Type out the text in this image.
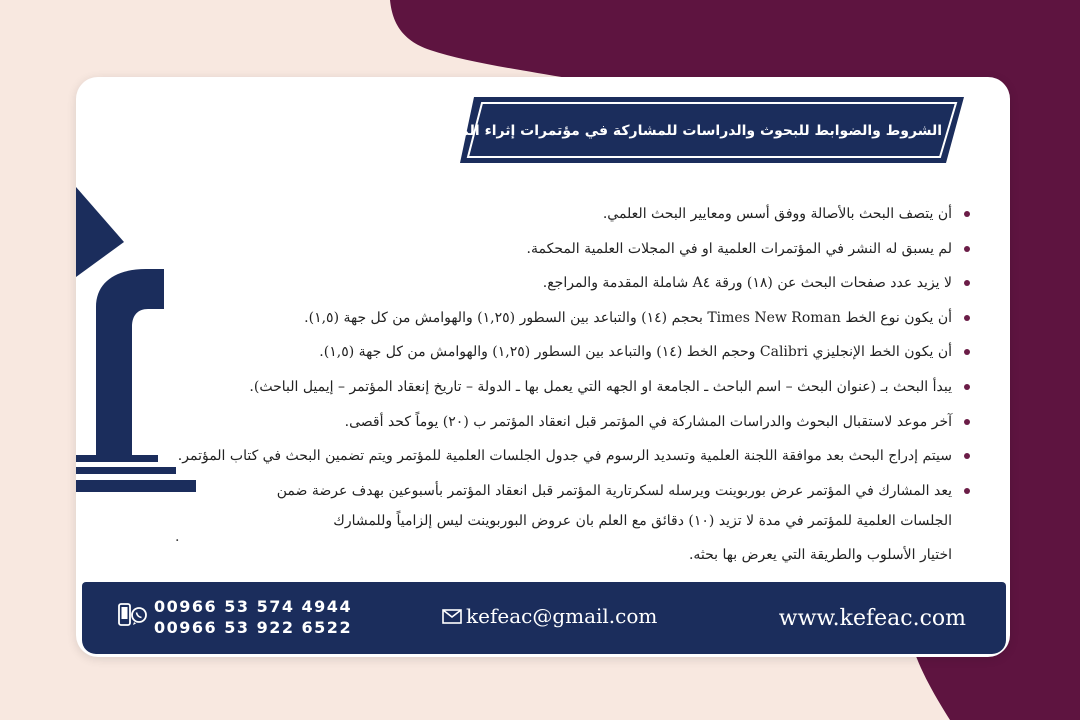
الشروط والضوابط للبحوث والدراسات للمشاركة في مؤتمرات إثراء المعرفة العلمية
أن يتصف البحث بالأصالة ووفق أسس ومعايير البحث العلمي.
لم يسبق له النشر في المؤتمرات العلمية او في المجلات العلمية المحكمة.
لا يزيد عدد صفحات البحث عن (١٨) ورقة A٤ شاملة المقدمة والمراجع.
أن يكون نوع الخط Times New Roman بحجم (١٤) والتباعد بين السطور (١,٢٥) والهوامش من كل جهة (١,٥).
أن يكون الخط الإنجليزي Calibri وحجم الخط (١٤) والتباعد بين السطور (١,٢٥) والهوامش من كل جهة (١,٥).
يبدأ البحث بـ (عنوان البحث – اسم الباحث ـ الجامعة او الجهه التي يعمل بها ـ الدولة – تاريخ إنعقاد المؤتمر – إيميل الباحث).
آخر موعد لاستقبال البحوث والدراسات المشاركة في المؤتمر قبل انعقاد المؤتمر ب (٢٠) يوماً كحد أقصى.
سيتم إدراج البحث بعد موافقة اللجنة العلمية وتسديد الرسوم في جدول الجلسات العلمية للمؤتمر ويتم تضمين البحث في كتاب المؤتمر.
يعد المشارك في المؤتمر عرض بوربوينت ويرسله لسكرتارية المؤتمر قبل انعقاد المؤتمر بأسبوعين بهدف عرضة ضمن
الجلسات العلمية للمؤتمر في مدة لا تزيد (١٠) دقائق مع العلم بان عروض البوربوينت ليس إلزامياً وللمشارك
اختيار الأسلوب والطريقة التي يعرض بها بحثه.
.
00966 53 574 4944
00966 53 922 6522	kefeac@gmail.com	www.kefeac.com
